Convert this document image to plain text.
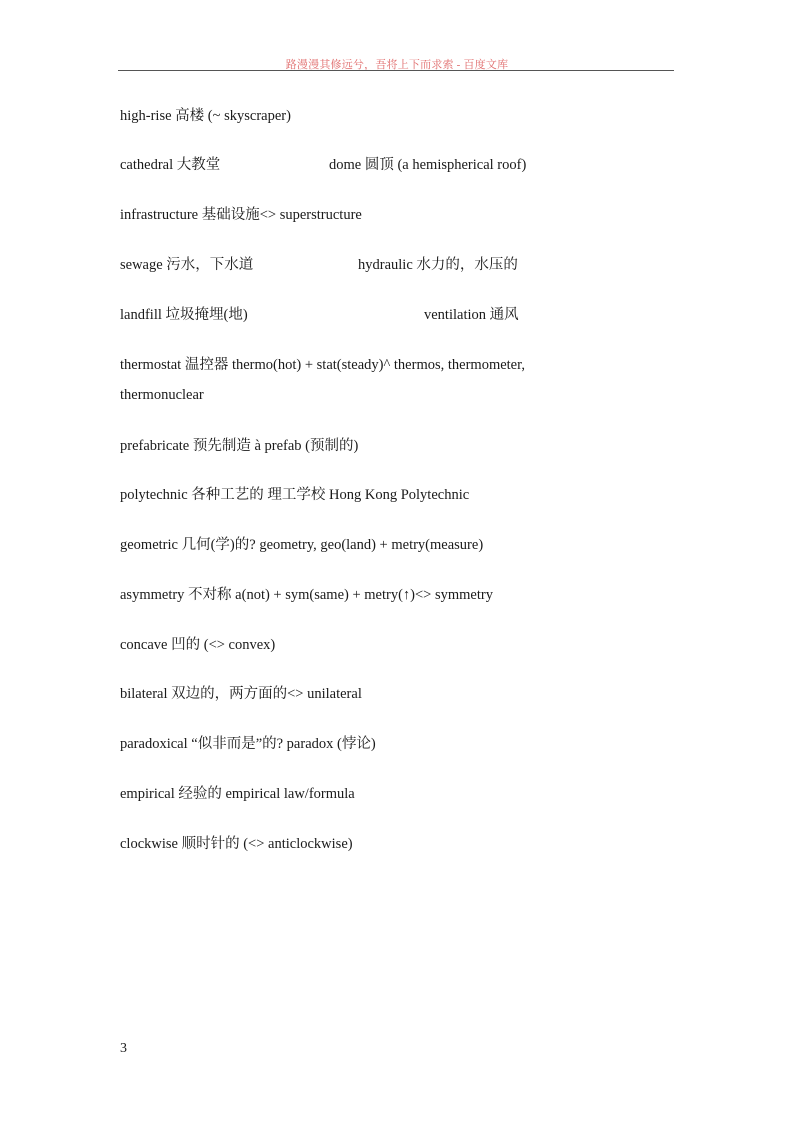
路漫漫其修远兮，吾将上下而求索 - 百度文库
high-rise 高楼 (~ skyscraper)
cathedral 大教堂	dome 圆顶 (a hemispherical roof)
infrastructure 基础设施<> superstructure
sewage 污水，下水道	hydraulic 水力的，水压的
landfill 垃圾掩埋(地)	ventilation 通风
thermostat 温控器 thermo(hot) + stat(steady)^ thermos, thermometer,
thermonuclear
prefabricate 预先制造 à prefab (预制的)
polytechnic 各种工艺的 理工学校 Hong Kong Polytechnic
geometric 几何(学)的? geometry, geo(land) + metry(measure)
asymmetry 不对称 a(not) + sym(same) + metry(↑)<> symmetry
concave 凹的 (<> convex)
bilateral 双边的，两方面的<> unilateral
paradoxical “似非而是”的? paradox (悖论)
empirical 经验的 empirical law/formula
clockwise 顺时针的 (<> anticlockwise)
3
